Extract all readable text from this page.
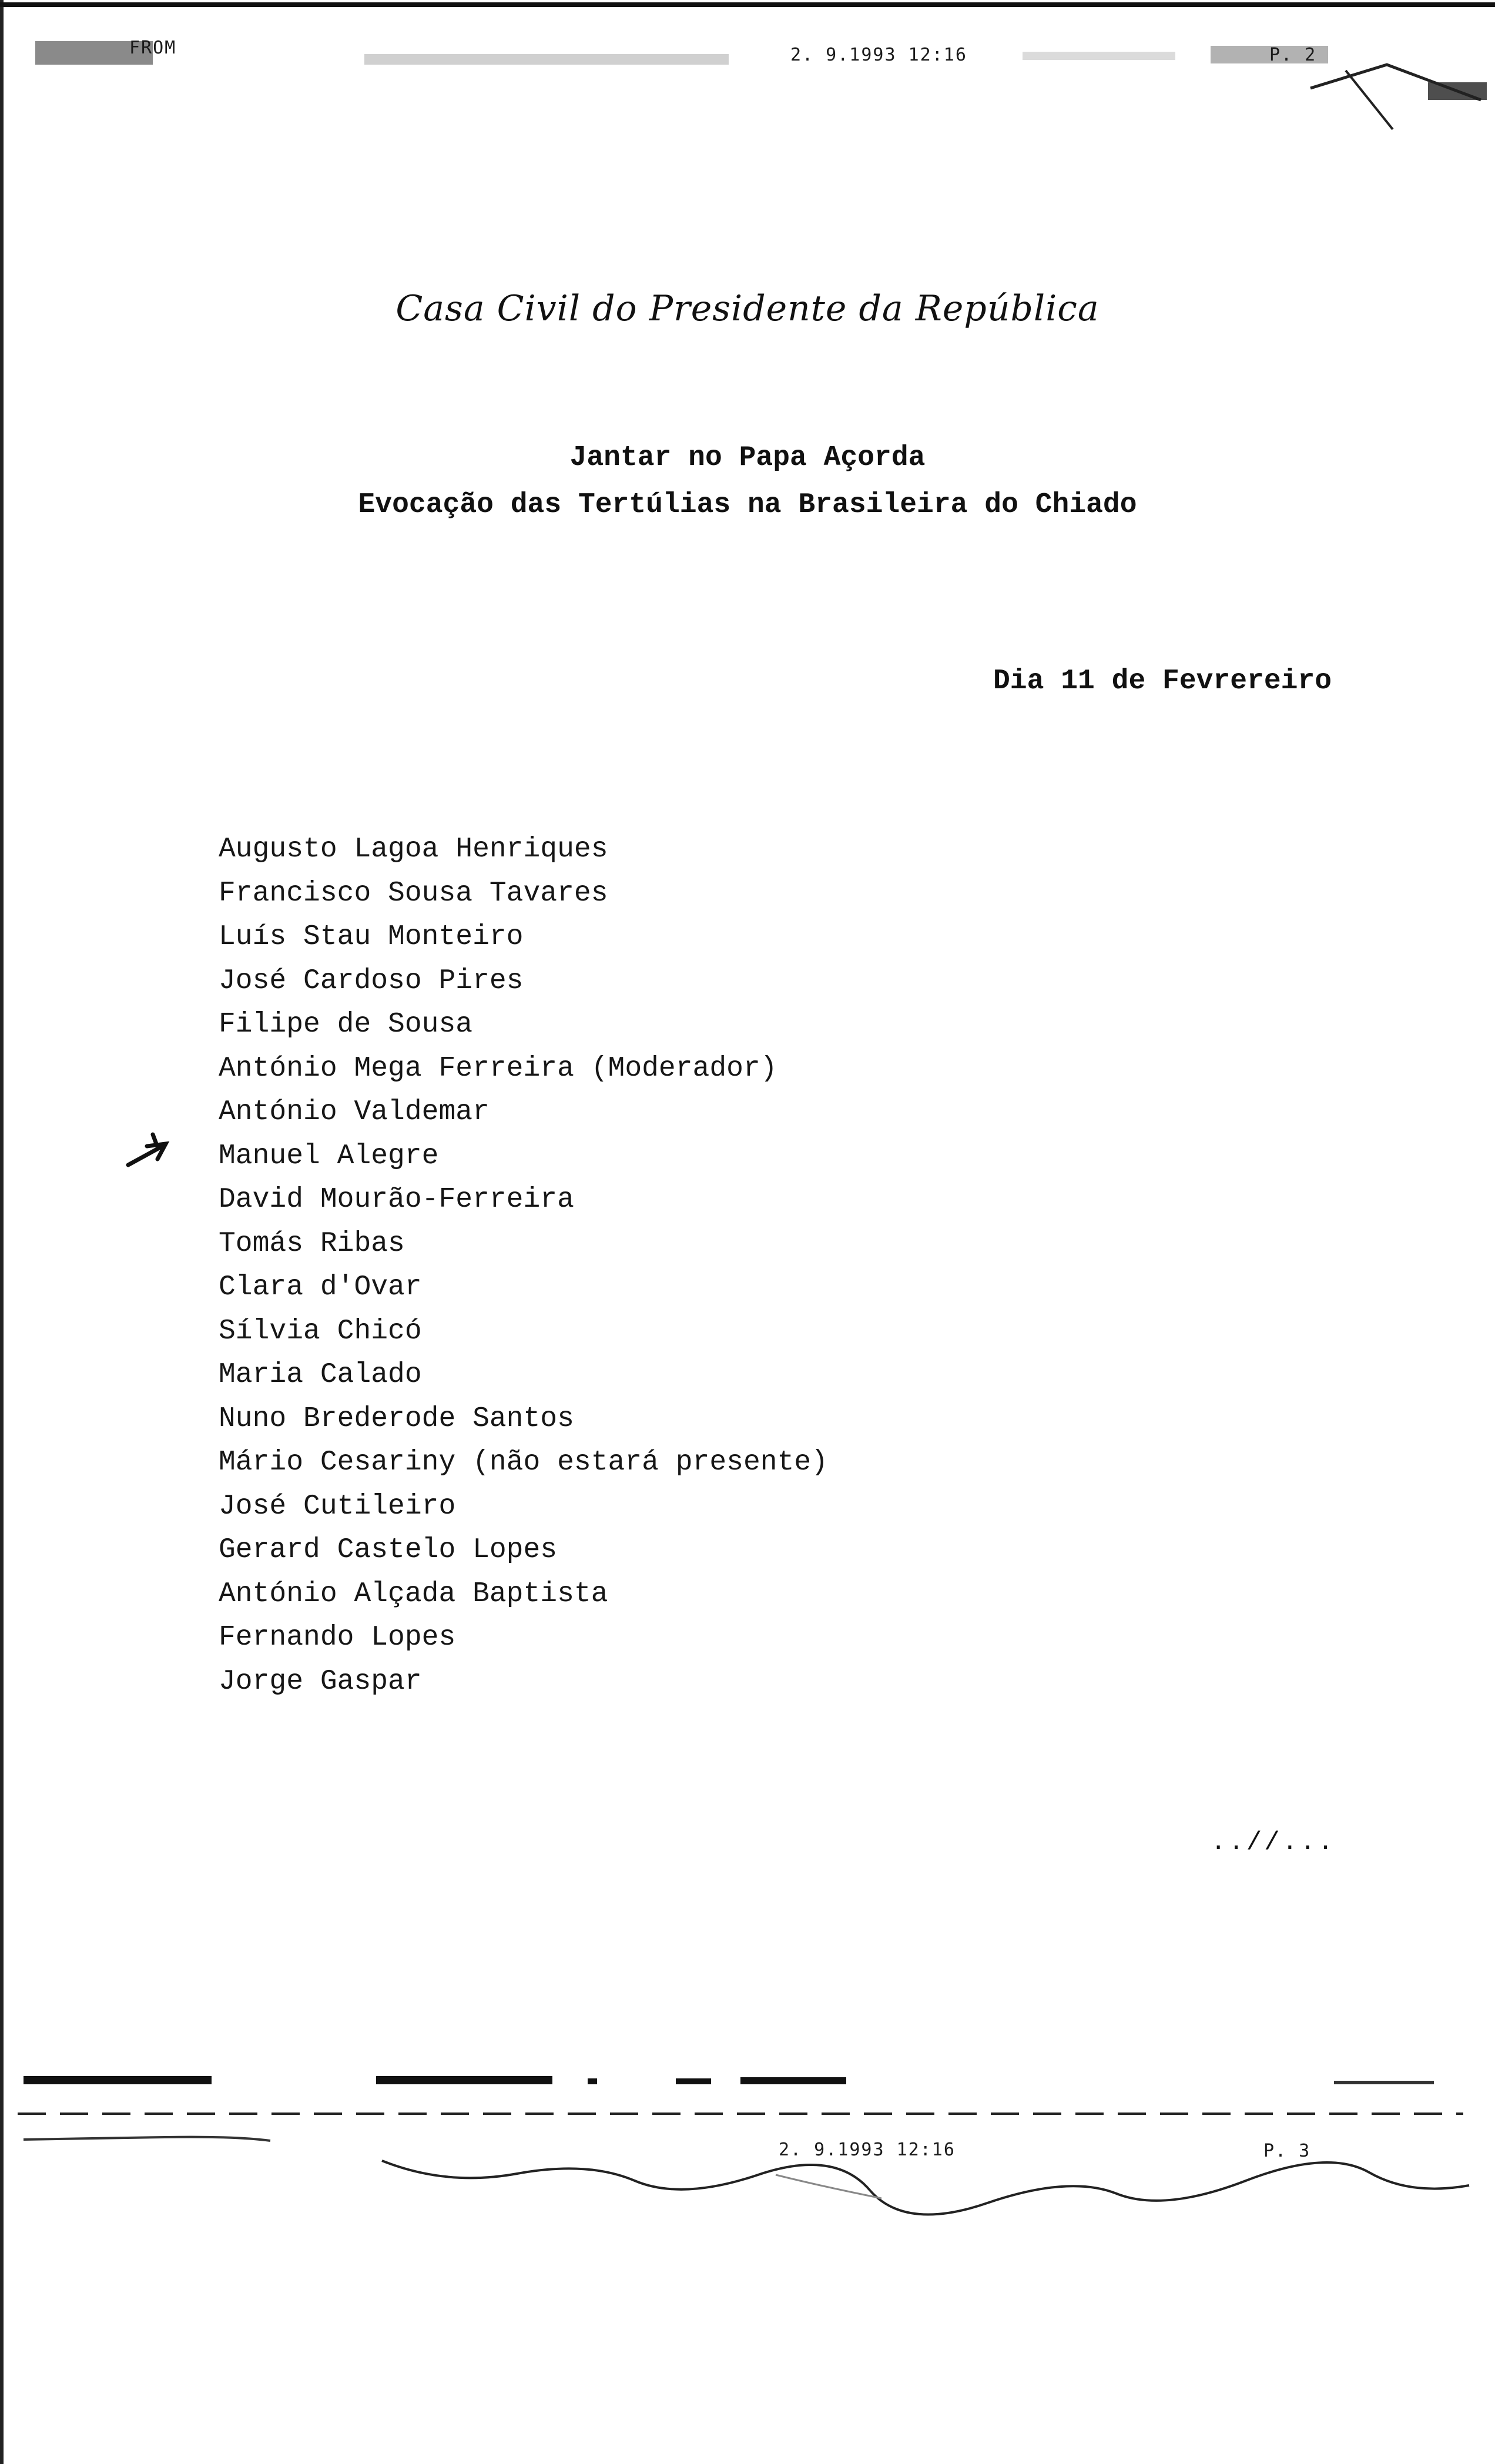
FROM	2. 9.1993 12:16	P. 2
Casa Civil do Presidente da República
Jantar no Papa Açorda
Evocação das Tertúlias na Brasileira do Chiado
Dia 11 de Fevrereiro
Augusto Lagoa Henriques
Francisco Sousa Tavares
Luís Stau Monteiro
José Cardoso Pires
Filipe de Sousa
António Mega Ferreira (Moderador)
António Valdemar
Manuel Alegre
David Mourão-Ferreira
Tomás Ribas
Clara d'Ovar
Sílvia Chicó
Maria Calado
Nuno Brederode Santos
Mário Cesariny (não estará presente)
José Cutileiro
Gerard Castelo Lopes
António Alçada Baptista
Fernando Lopes
Jorge Gaspar
..//...
2. 9.1993 12:16	P. 3
